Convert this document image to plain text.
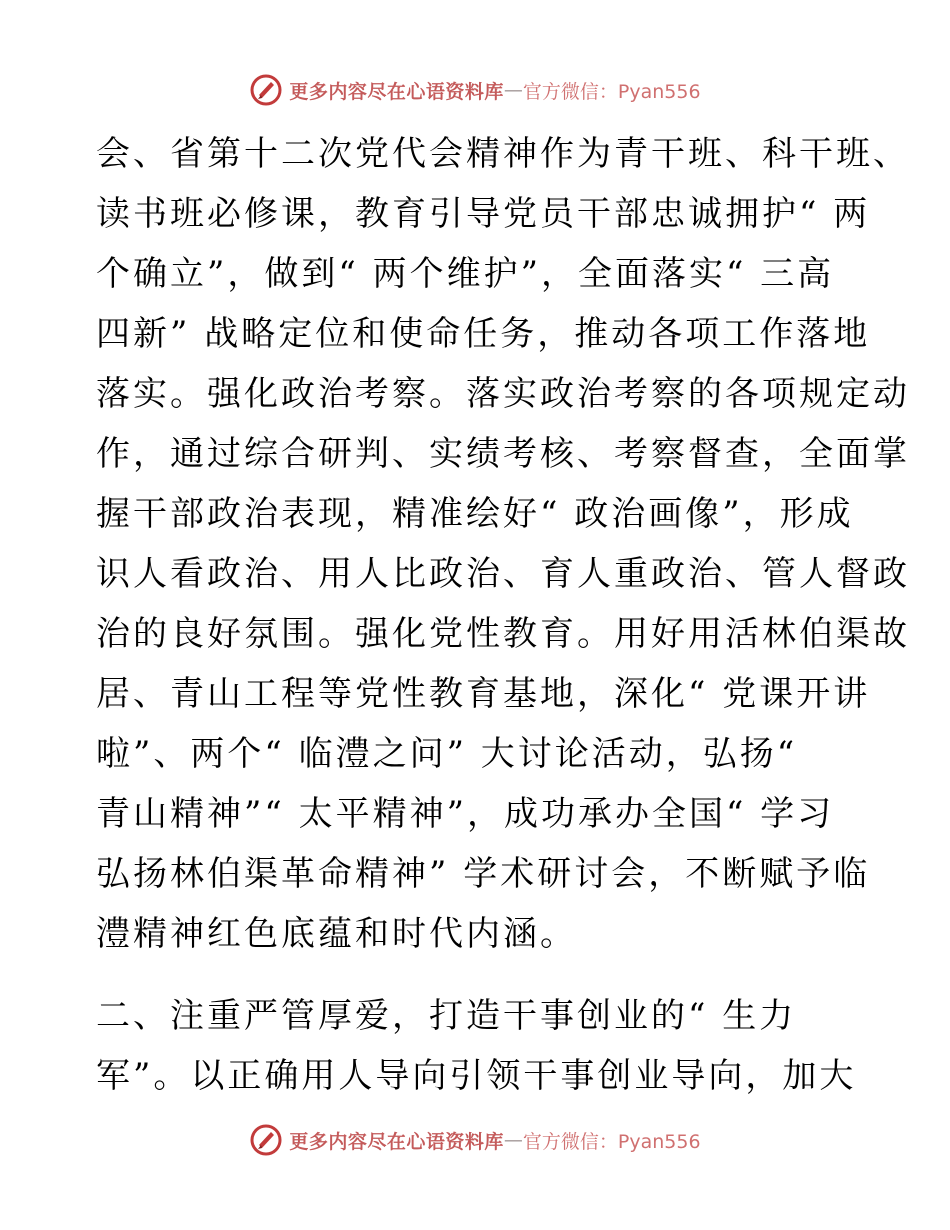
更多内容尽在心语资料库 — 官方微信：Pyan556
会、省第十二次党代会精神作为青干班、科干班、
读书班必修课，教育引导党员干部忠诚拥护“ 两
个确立”，做到“ 两个维护”，全面落实“ 三高
四新” 战略定位和使命任务，推动各项工作落地
落实。强化政治考察。落实政治考察的各项规定动
作，通过综合研判、实绩考核、考察督查，全面掌
握干部政治表现，精准绘好“ 政治画像”，形成
识人看政治、用人比政治、育人重政治、管人督政
治的良好氛围。强化党性教育。用好用活林伯渠故
居、青山工程等党性教育基地，深化“ 党课开讲
啦”、两个“ 临澧之问” 大讨论活动，弘扬“
青山精神”“ 太平精神”，成功承办全国“ 学习
弘扬林伯渠革命精神” 学术研讨会，不断赋予临
澧精神红色底蕴和时代内涵。
二、注重严管厚爱，打造干事创业的“ 生力
军”。以正确用人导向引领干事创业导向，加大
更多内容尽在心语资料库 — 官方微信：Pyan556
